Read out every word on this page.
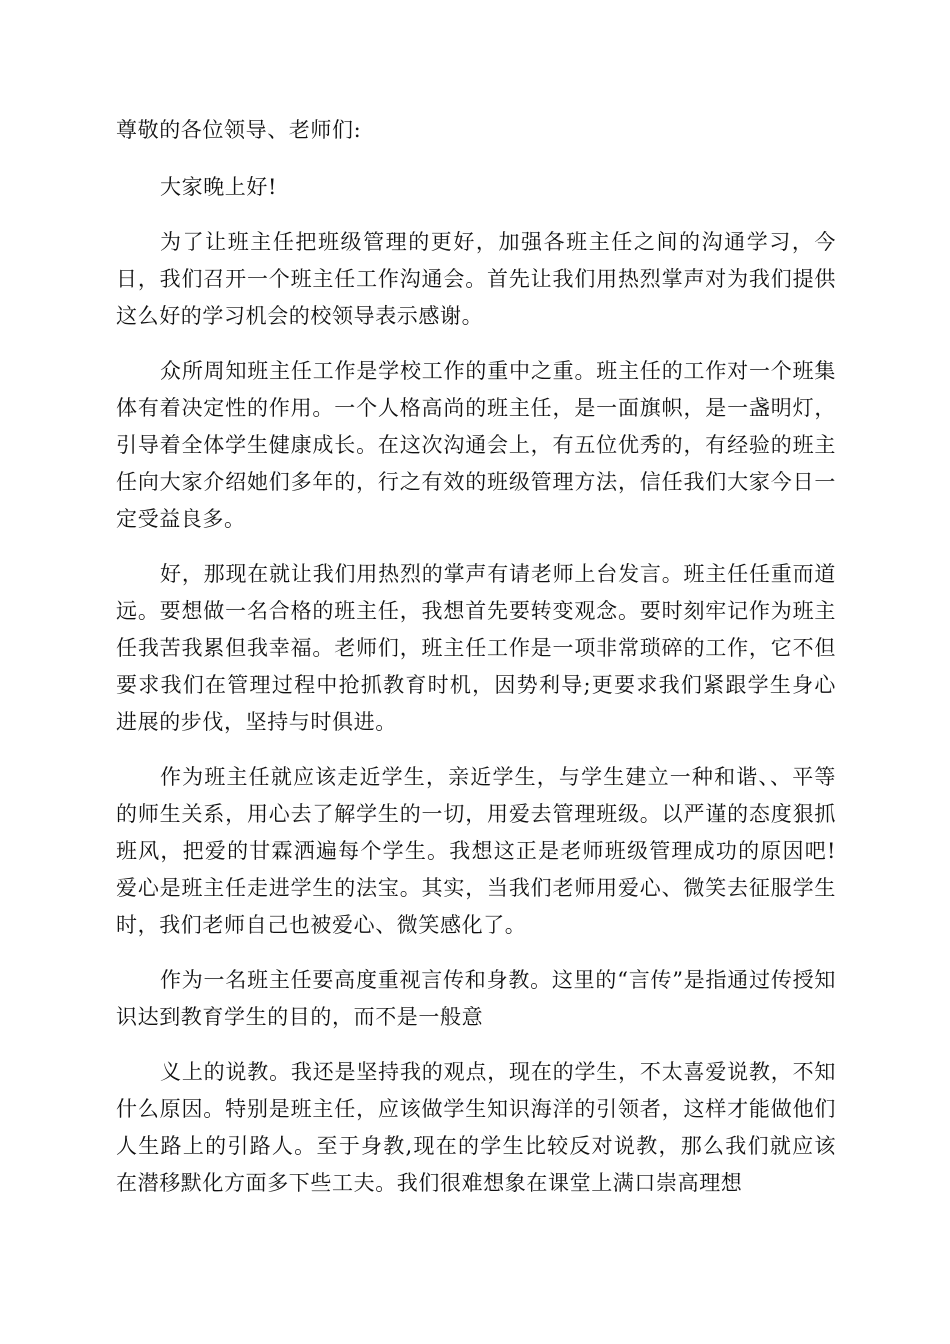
尊敬的各位领导、老师们:

大家晚上好!

为了让班主任把班级管理的更好，加强各班主任之间的沟通学习，今日，我们召开一个班主任工作沟通会。首先让我们用热烈掌声对为我们提供这么好的学习机会的校领导表示感谢。

众所周知班主任工作是学校工作的重中之重。班主任的工作对一个班集体有着决定性的作用。一个人格高尚的班主任，是一面旗帜，是一盏明灯，引导着全体学生健康成长。在这次沟通会上，有五位优秀的，有经验的班主任向大家介绍她们多年的，行之有效的班级管理方法，信任我们大家今日一定受益良多。

好，那现在就让我们用热烈的掌声有请老师上台发言。班主任任重而道远。要想做一名合格的班主任，我想首先要转变观念。要时刻牢记作为班主任我苦我累但我幸福。老师们，班主任工作是一项非常琐碎的工作，它不但要求我们在管理过程中抢抓教育时机，因势利导;更要求我们紧跟学生身心进展的步伐，坚持与时俱进。

作为班主任就应该走近学生，亲近学生，与学生建立一种和谐、、平等的师生关系，用心去了解学生的一切，用爱去管理班级。以严谨的态度狠抓班风，把爱的甘霖洒遍每个学生。我想这正是老师班级管理成功的原因吧!爱心是班主任走进学生的法宝。其实，当我们老师用爱心、微笑去征服学生时，我们老师自己也被爱心、微笑感化了。

作为一名班主任要高度重视言传和身教。这里的“言传”是指通过传授知识达到教育学生的目的，而不是一般意

义上的说教。我还是坚持我的观点，现在的学生，不太喜爱说教，不知什么原因。特别是班主任，应该做学生知识海洋的引领者，这样才能做他们人生路上的引路人。至于身教,现在的学生比较反对说教，那么我们就应该在潜移默化方面多下些工夫。我们很难想象在课堂上满口崇高理想
